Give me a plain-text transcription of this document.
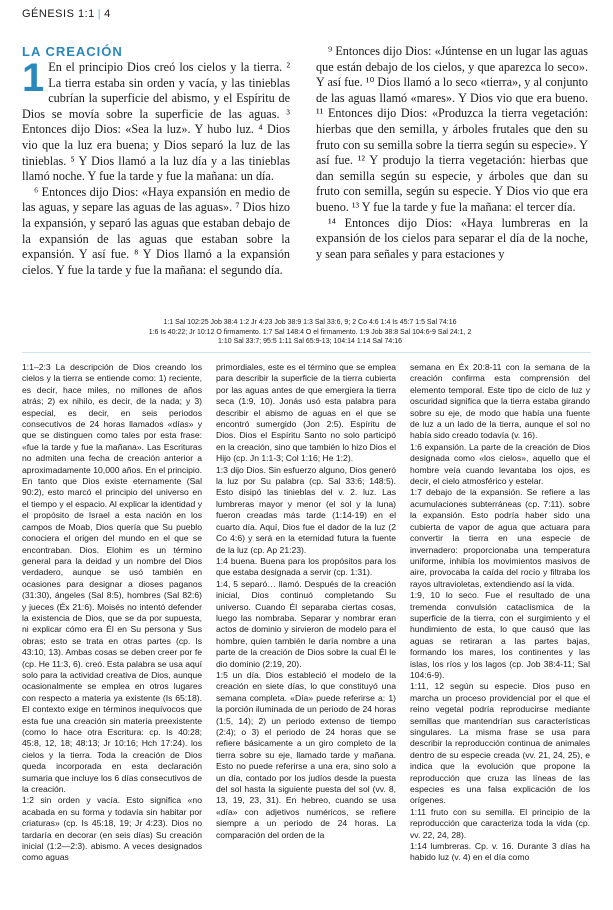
GÉNESIS 1:1 | 4
LA CREACIÓN

1 En el principio Dios creó los cielos y la tierra. ² La tierra estaba sin orden y vacía, y las tinieblas cubrían la superficie del abismo, y el Espíritu de Dios se movía sobre la superficie de las aguas. ³ Entonces dijo Dios: «Sea la luz». Y hubo luz. ⁴ Dios vio que la luz era buena; y Dios separó la luz de las tinieblas. ⁵ Y Dios llamó a la luz día y a las tinieblas llamó noche. Y fue la tarde y fue la mañana: un día.

⁶ Entonces dijo Dios: «Haya expansión en medio de las aguas, y separe las aguas de las aguas». ⁷ Dios hizo la expansión, y separó las aguas que estaban debajo de la expansión de las aguas que estaban sobre la expansión. Y así fue. ⁸ Y Dios llamó a la expansión cielos. Y fue la tarde y fue la mañana: el segundo día.

⁹ Entonces dijo Dios: «Júntense en un lugar las aguas que están debajo de los cielos, y que aparezca lo seco». Y así fue. ¹⁰ Dios llamó a lo seco «tierra», y al conjunto de las aguas llamó «mares». Y Dios vio que era bueno. ¹¹ Entonces dijo Dios: «Produzca la tierra vegetación: hierbas que den semilla, y árboles frutales que den su fruto con su semilla sobre la tierra según su especie». Y así fue. ¹² Y produjo la tierra vegetación: hierbas que dan semilla según su especie, y árboles que dan su fruto con semilla, según su especie. Y Dios vio que era bueno. ¹³ Y fue la tarde y fue la mañana: el tercer día.

¹⁴ Entonces dijo Dios: «Haya lumbreras en la expansión de los cielos para separar el día de la noche, y sean para señales y para estaciones y

1:1 Sal 102:25 Job 38:4 1:2 Jr 4:23 Job 38:9 1:3 Sal 33:6, 9; 2 Co 4:6 1:4 Is 45:7 1:5 Sal 74:16
1:6 Is 40:22; Jr 10:12 O firmamento. 1:7 Sal 148:4 O el firmamento. 1:9 Job 38:8 Sal 104:6-9 Sal 24:1, 2
1:10 Sal 33:7; 95:5 1:11 Sal 65:9-13; 104:14 1:14 Sal 74:16
1:1–2:3 La descripción de Dios creando los cielos y la tierra se entiende como: 1) reciente, es decir, hace miles, no millones de años atrás; 2) ex nihilo, es decir, de la nada; y 3) especial, es decir, en seis periodos consecutivos de 24 horas llamados «días» y que se distinguen como tales por esta frase: «fue la tarde y fue la mañana». Las Escrituras no admiten una fecha de creación anterior a aproximadamente 10,000 años. En el principio. En tanto que Dios existe eternamente (Sal 90:2), esto marcó el principio del universo en el tiempo y el espacio. Al explicar la identidad y el propósito de Israel a esta nación en los campos de Moab, Dios quería que Su pueblo conociera el origen del mundo en el que se encontraban. Dios. Elohim es un término general para la deidad y un nombre del Dios verdadero, aunque se usó también en ocasiones para designar a dioses paganos (31:30), ángeles (Sal 8:5), hombres (Sal 82:6) y jueces (Éx 21:6). Moisés no intentó defender la existencia de Dios, que se da por supuesta, ni explicar cómo era Él en Su persona y Sus obras; esto se trata en otras partes (cp. Is 43:10, 13). Ambas cosas se deben creer por fe (cp. He 11:3, 6). creó. Esta palabra se usa aquí solo para la actividad creativa de Dios, aunque ocasionalmente se emplea en otros lugares con respecto a materia ya existente (Is 65:18). El contexto exige en términos inequívocos que esta fue una creación sin materia preexistente (como lo hace otra Escritura: cp. Is 40:28; 45:8, 12, 18; 48:13; Jr 10:16; Hch 17:24). los cielos y la tierra. Toda la creación de Dios queda incorporada en esta declaración sumaria que incluye los 6 días consecutivos de la creación.
1:2 sin orden y vacía. Esto significa «no acabada en su forma y todavía sin habitar por criaturas» (cp. Is 45:18, 19; Jr 4:23). Dios no tardaría en decorar (en seis días) Su creación inicial (1:2—2:3). abismo. A veces designados como aguas
primordiales, este es el término que se emplea para describir la superficie de la tierra cubierta por las aguas antes de que emergiera la tierra seca (1:9, 10). Jonás usó esta palabra para describir el abismo de aguas en el que se encontró sumergido (Jon 2:5). Espíritu de Dios. Dios el Espíritu Santo no solo participó en la creación, sino que también lo hizo Dios el Hijo (cp. Jn 1:1-3; Col 1:16; He 1:2).
1:3 dijo Dios. Sin esfuerzo alguno, Dios generó la luz por Su palabra (cp. Sal 33:6; 148:5). Esto disipó las tinieblas del v. 2. luz. Las lumbreras mayor y menor (el sol y la luna) fueron creadas más tarde (1:14-19) en el cuarto día. Aquí, Dios fue el dador de la luz (2 Co 4:6) y será en la eternidad futura la fuente de la luz (cp. Ap 21:23).
1:4 buena. Buena para los propósitos para los que estaba designada a servir (cp. 1:31).
1:4, 5 separó… llamó. Después de la creación inicial, Dios continuó completando Su universo. Cuando Él separaba ciertas cosas, luego las nombraba. Separar y nombrar eran actos de dominio y sirvieron de modelo para el hombre, quien también le daría nombre a una parte de la creación de Dios sobre la cual Él le dio dominio (2:19, 20).
1:5 un día. Dios estableció el modelo de la creación en siete días, lo que constituyó una semana completa. «Día» puede referirse a: 1) la porción iluminada de un periodo de 24 horas (1:5, 14); 2) un periodo extenso de tiempo (2:4); o 3) el periodo de 24 horas que se refiere básicamente a un giro completo de la tierra sobre su eje, llamado tarde y mañana. Esto no puede referirse a una era, sino solo a un día, contado por los judíos desde la puesta del sol hasta la siguiente puesta del sol (vv. 8, 13, 19, 23, 31). En hebreo, cuando se usa «día» con adjetivos numéricos, se refiere siempre a un periodo de 24 horas. La comparación del orden de la
semana en Éx 20:8-11 con la semana de la creación confirma esta comprensión del elemento temporal. Este tipo de ciclo de luz y oscuridad significa que la tierra estaba girando sobre su eje, de modo que había una fuente de luz a un lado de la tierra, aunque el sol no había sido creado todavía (v. 16).
1:6 expansión. La parte de la creación de Dios designada como «los cielos», aquello que el hombre veía cuando levantaba los ojos, es decir, el cielo atmosférico y estelar.
1:7 debajo de la expansión. Se refiere a las acumulaciones subterráneas (cp. 7:11). sobre la expansión. Esto podría haber sido una cubierta de vapor de agua que actuara para convertir la tierra en una especie de invernadero: proporcionaba una temperatura uniforme, inhibía los movimientos masivos de aire, provocaba la caída del rocío y filtraba los rayos ultravioletas, extendiendo así la vida.
1:9, 10 lo seco. Fue el resultado de una tremenda convulsión cataclísmica de la superficie de la tierra, con el surgimiento y el hundimiento de esta, lo que causó que las aguas se retiraran a las partes bajas, formando los mares, los continentes y las islas, los ríos y los lagos (cp. Job 38:4-11; Sal 104:6-9).
1:11, 12 según su especie. Dios puso en marcha un proceso providencial por el que el reino vegetal podría reproducirse mediante semillas que mantendrían sus características singulares. La misma frase se usa para describir la reproducción continua de animales dentro de su especie creada (vv. 21, 24, 25), e indica que la evolución que propone la reproducción que cruza las líneas de las especies es una falsa explicación de los orígenes.
1:11 fruto con su semilla. El principio de la reproducción que caracteriza toda la vida (cp. vv. 22, 24, 28).
1:14 lumbreras. Cp. v. 16. Durante 3 días ha habido luz (v. 4) en el día como
